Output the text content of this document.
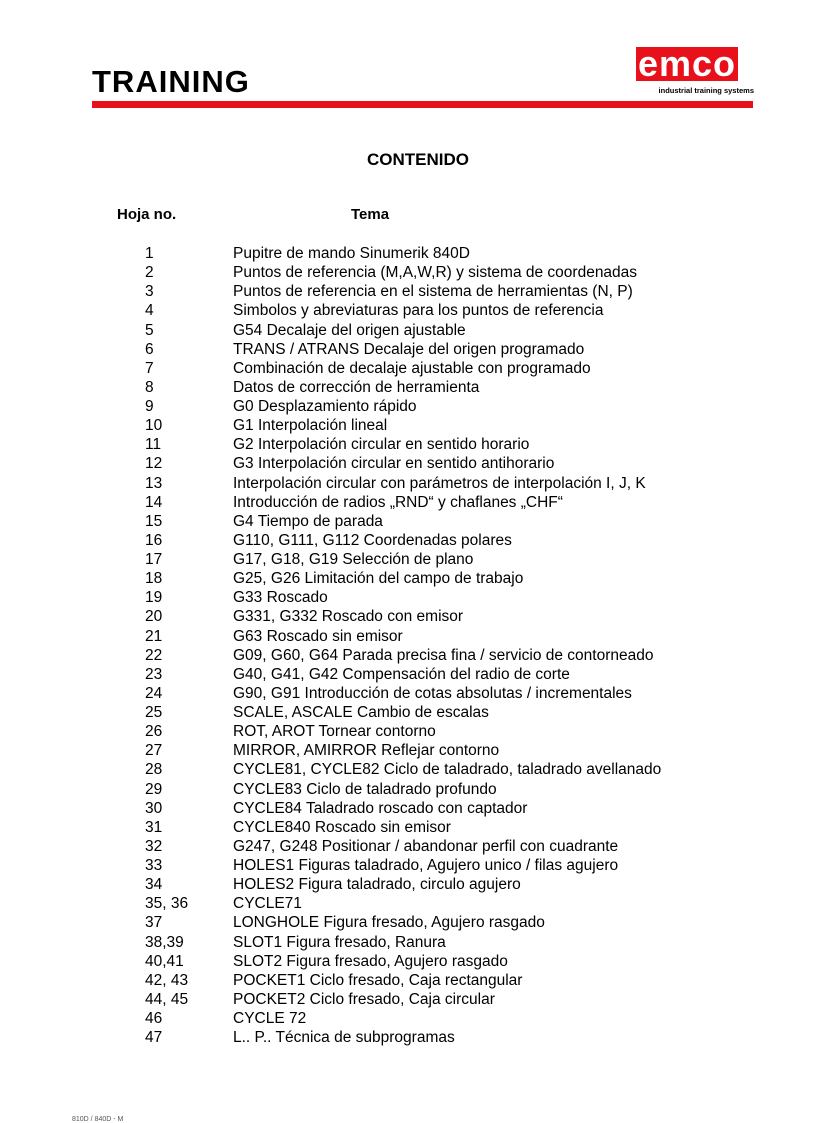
TRAINING	emco
industrial training systems
CONTENIDO
Hoja no.	Tema
1	Pupitre de mando Sinumerik 840D
2	Puntos de referencia (M,A,W,R) y sistema de coordenadas
3	Puntos de referencia en el sistema de herramientas (N, P)
4	Simbolos y abreviaturas para los puntos de referencia
5	G54 Decalaje del origen ajustable
6	TRANS / ATRANS Decalaje del origen programado
7	Combinación de decalaje ajustable con programado
8	Datos de corrección de herramienta
9	G0 Desplazamiento rápido
10	G1 Interpolación lineal
11	G2 Interpolación circular en sentido horario
12	G3 Interpolación circular en sentido antihorario
13	Interpolación circular con parámetros de interpolación I, J, K
14	Introducción de radios „RND“ y chaflanes „CHF“
15	G4 Tiempo de parada
16	G110, G111, G112 Coordenadas polares
17	G17, G18, G19 Selección de plano
18	G25, G26 Limitación del campo de trabajo
19	G33 Roscado
20	G331, G332 Roscado con emisor
21	G63 Roscado sin emisor
22	G09, G60, G64 Parada precisa fina / servicio de contorneado
23	G40, G41, G42 Compensación del radio de corte
24	G90, G91 Introducción de cotas absolutas / incrementales
25	SCALE, ASCALE Cambio de escalas
26	ROT, AROT Tornear contorno
27	MIRROR, AMIRROR Reflejar contorno
28	CYCLE81, CYCLE82 Ciclo de taladrado, taladrado avellanado
29	CYCLE83 Ciclo de taladrado profundo
30	CYCLE84 Taladrado roscado con captador
31	CYCLE840 Roscado sin emisor
32	G247, G248 Positionar / abandonar perfil con cuadrante
33	HOLES1 Figuras taladrado, Agujero unico / filas agujero
34	HOLES2 Figura taladrado, circulo agujero
35, 36	CYCLE71
37	LONGHOLE Figura fresado, Agujero rasgado
38,39	SLOT1 Figura fresado, Ranura
40,41	SLOT2 Figura fresado, Agujero rasgado
42, 43	POCKET1 Ciclo fresado, Caja rectangular
44, 45	POCKET2 Ciclo fresado, Caja circular
46	CYCLE 72
47	L.. P.. Técnica de subprogramas
810D / 840D - M
